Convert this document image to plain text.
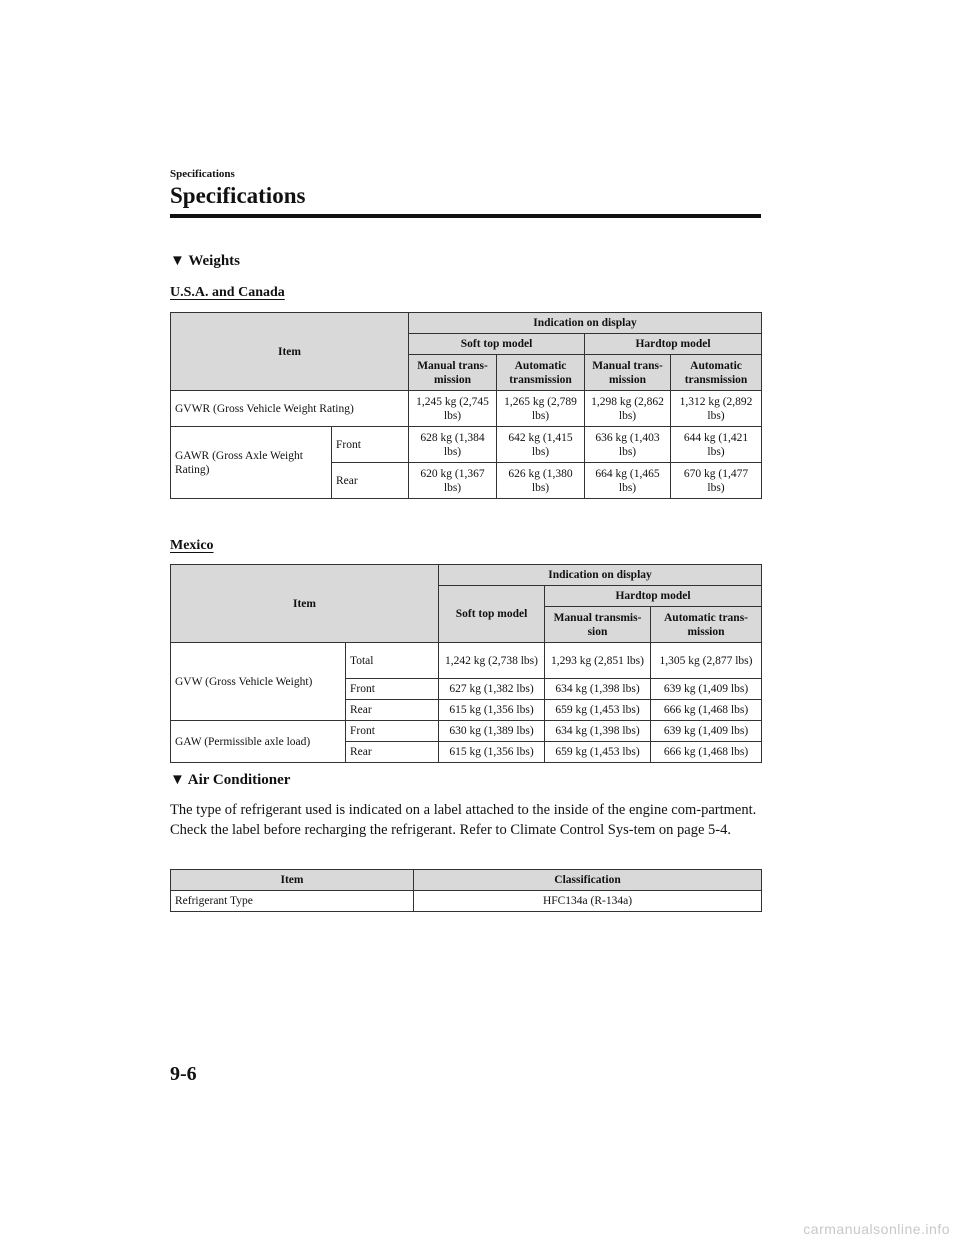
Specifications
Specifications
▼ Weights
U.S.A. and Canada
Item		Indication on display			
		Soft top model		Hardtop model	
		Manual trans-mission	Automatic transmission	Manual trans-mission	Automatic transmission
GVWR (Gross Vehicle Weight Rating)		1,245 kg (2,745 lbs)	1,265 kg (2,789 lbs)	1,298 kg (2,862 lbs)	1,312 kg (2,892 lbs)
GAWR (Gross Axle Weight Rating)	Front	628 kg (1,384 lbs)	642 kg (1,415 lbs)	636 kg (1,403 lbs)	644 kg (1,421 lbs)
	Rear	620 kg (1,367 lbs)	626 kg (1,380 lbs)	664 kg (1,465 lbs)	670 kg (1,477 lbs)
Mexico
Item		Indication on display		
		Soft top model	Hardtop model	
			Manual transmis-sion	Automatic trans-mission
GVW (Gross Vehicle Weight)	Total	1,242 kg (2,738 lbs)	1,293 kg (2,851 lbs)	1,305 kg (2,877 lbs)
	Front	627 kg (1,382 lbs)	634 kg (1,398 lbs)	639 kg (1,409 lbs)
	Rear	615 kg (1,356 lbs)	659 kg (1,453 lbs)	666 kg (1,468 lbs)
GAW (Permissible axle load)	Front	630 kg (1,389 lbs)	634 kg (1,398 lbs)	639 kg (1,409 lbs)
	Rear	615 kg (1,356 lbs)	659 kg (1,453 lbs)	666 kg (1,468 lbs)
▼ Air Conditioner
The type of refrigerant used is indicated on a label attached to the inside of the engine com-partment. Check the label before recharging the refrigerant. Refer to Climate Control Sys-tem on page 5-4.
Item	Classification
Refrigerant Type	HFC134a (R-134a)
9-6
carmanualsonline.info
